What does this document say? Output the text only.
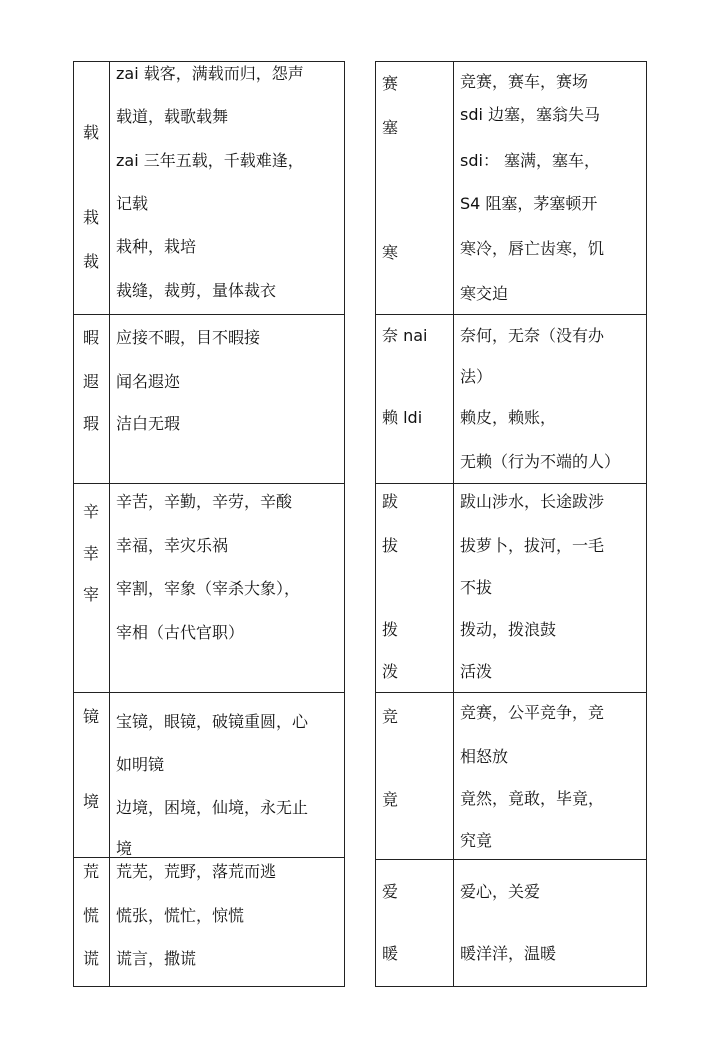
载
栽
裁
zai 载客，满载而归，怨声
载道，载歌载舞
zai 三年五载，千载难逢，
记载
栽种，栽培
裁缝，裁剪，量体裁衣
暇
遐
瑕
应接不暇，目不暇接
闻名遐迩
洁白无瑕
辛
幸
宰
辛苦，辛勤，辛劳，辛酸
幸福，幸灾乐祸
宰割，宰象（宰杀大象），
宰相（古代官职）
镜
境
宝镜，眼镜，破镜重圆，心
如明镜
边境，困境，仙境，永无止
境
荒
慌
谎
荒芜，荒野，落荒而逃
慌张，慌忙，惊慌
谎言，撒谎
赛
塞
寒
竞赛，赛车，赛场
sdi 边塞，塞翁失马
sdi： 塞满，塞车，
S4 阻塞，茅塞顿开
寒冷，唇亡齿寒，饥
寒交迫
奈 nai
赖 ldi
奈何，无奈（没有办
法）
赖皮，赖账，
无赖（行为不端的人）
跋
拔
拨
泼
跋山涉水，长途跋涉
拔萝卜，拔河，一毛
不拔
拨动，拨浪鼓
活泼
竞
竟
竞赛，公平竞争，竞
相怒放
竟然，竟敢，毕竟，
究竟
爱
暖
爱心，关爱
暖洋洋，温暖
